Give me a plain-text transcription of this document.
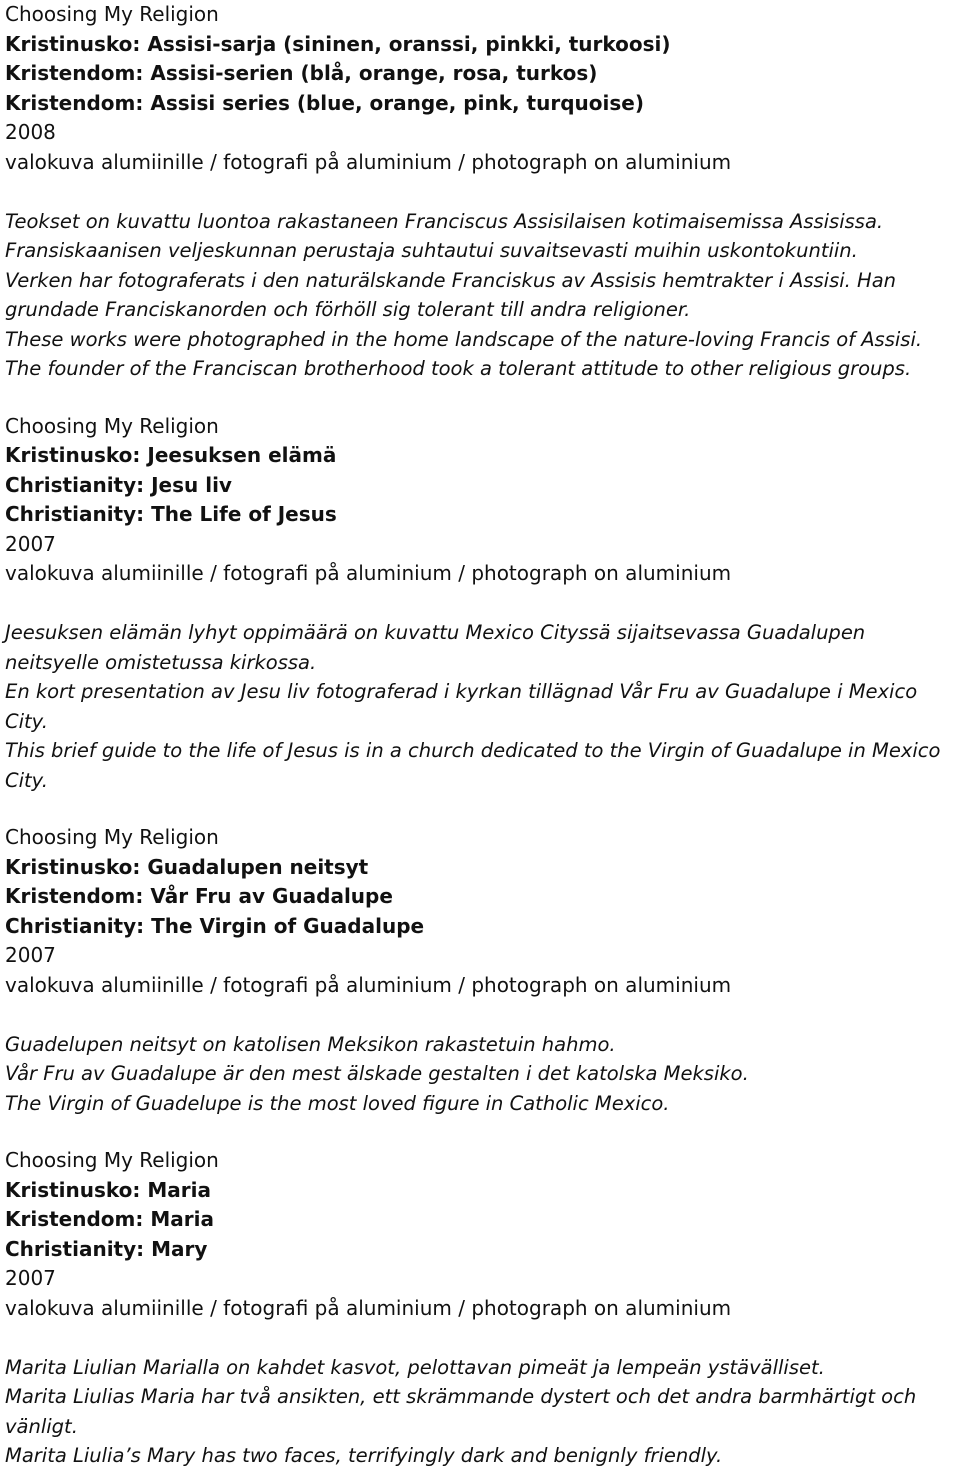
Choosing My Religion

Kristinusko: Assisi-sarja (sininen, oranssi, pinkki, turkoosi)

Kristendom: Assisi-serien (blå, orange, rosa, turkos)

Kristendom: Assisi series (blue, orange, pink, turquoise)

2008

valokuva alumiinille / fotografi på aluminium / photograph on aluminium

Teokset on kuvattu luontoa rakastaneen Franciscus Assisilaisen kotimaisemissa Assisissa. Fransiskaanisen veljeskunnan perustaja suhtautui suvaitsevasti muihin uskontokuntiin.

Verken har fotograferats i den naturälskande Franciskus av Assisis hemtrakter i Assisi. Han grundade Franciskanorden och förhöll sig tolerant till andra religioner.

These works were photographed in the home landscape of the nature-loving Francis of Assisi. The founder of the Franciscan brotherhood took a tolerant attitude to other religious groups.

Choosing My Religion

Kristinusko: Jeesuksen elämä

Christianity: Jesu liv

Christianity: The Life of Jesus

2007

valokuva alumiinille / fotografi på aluminium / photograph on aluminium

Jeesuksen elämän lyhyt oppimäärä on kuvattu Mexico Cityssä sijaitsevassa Guadalupen neitsyelle omistetussa kirkossa.

En kort presentation av Jesu liv fotograferad i kyrkan tillägnad Vår Fru av Guadalupe i Mexico City.

This brief guide to the life of Jesus is in a church dedicated to the Virgin of Guadalupe in Mexico City.

Choosing My Religion

Kristinusko: Guadalupen neitsyt

Kristendom: Vår Fru av Guadalupe

Christianity: The Virgin of Guadalupe

2007

valokuva alumiinille / fotografi på aluminium / photograph on aluminium

Guadelupen neitsyt on katolisen Meksikon rakastetuin hahmo.

Vår Fru av Guadalupe är den mest älskade gestalten i det katolska Meksiko.

The Virgin of Guadelupe is the most loved figure in Catholic Mexico.

Choosing My Religion

Kristinusko: Maria

Kristendom: Maria

Christianity: Mary

2007

valokuva alumiinille / fotografi på aluminium / photograph on aluminium

Marita Liulian Marialla on kahdet kasvot, pelottavan pimeät ja lempeän ystävälliset.

Marita Liulias Maria har två ansikten, ett skrämmande dystert och det andra barmhärtigt och vänligt.

Marita Liulia’s Mary has two faces, terrifyingly dark and benignly friendly.
